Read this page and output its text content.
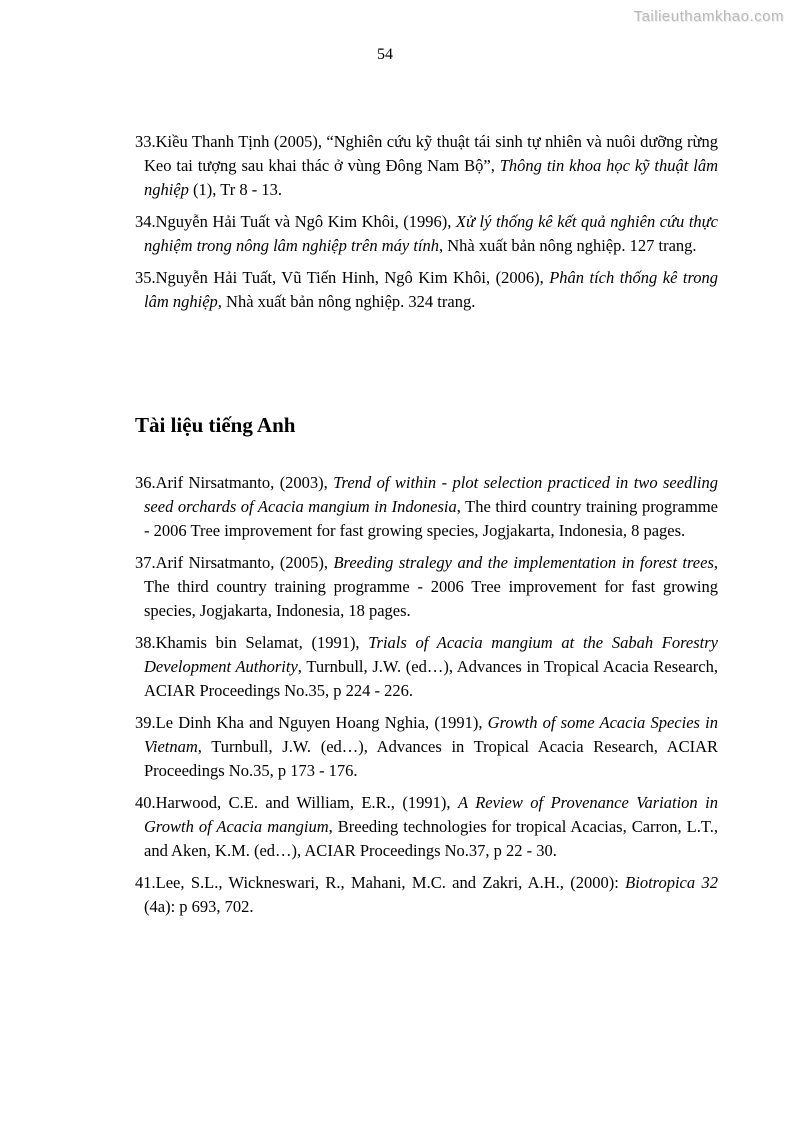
Tailieuthamkhao.com
54
33.Kiều Thanh Tịnh (2005), “Nghiên cứu kỹ thuật tái sinh tự nhiên và nuôi dưỡng rừng Keo tai tượng sau khai thác ở vùng Đông Nam Bộ”, Thông tin khoa học kỹ thuật lâm nghiệp (1), Tr 8 - 13.
34.Nguyễn Hải Tuất và Ngô Kim Khôi, (1996), Xử lý thống kê kết quả nghiên cứu thực nghiệm trong nông lâm nghiệp trên máy tính, Nhà xuất bản nông nghiệp. 127 trang.
35.Nguyễn Hải Tuất, Vũ Tiến Hinh, Ngô Kim Khôi, (2006), Phân tích thống kê trong lâm nghiệp, Nhà xuất bản nông nghiệp. 324 trang.
Tài liệu tiếng Anh
36.Arif Nirsatmanto, (2003), Trend of within - plot selection practiced in two seedling seed orchards of Acacia mangium in Indonesia, The third country training programme - 2006 Tree improvement for fast growing species, Jogjakarta, Indonesia, 8 pages.
37.Arif Nirsatmanto, (2005), Breeding stralegy and the implementation in forest trees, The third country training programme - 2006 Tree improvement for fast growing species, Jogjakarta, Indonesia, 18 pages.
38.Khamis bin Selamat, (1991), Trials of Acacia mangium at the Sabah Forestry Development Authority, Turnbull, J.W. (ed…), Advances in Tropical Acacia Research, ACIAR Proceedings No.35, p 224 - 226.
39.Le Dinh Kha and Nguyen Hoang Nghia, (1991), Growth of some Acacia Species in Vietnam, Turnbull, J.W. (ed…), Advances in Tropical Acacia Research, ACIAR Proceedings No.35, p 173 - 176.
40.Harwood, C.E. and William, E.R., (1991), A Review of Provenance Variation in Growth of Acacia mangium, Breeding technologies for tropical Acacias, Carron, L.T., and Aken, K.M. (ed…), ACIAR Proceedings No.37, p 22 - 30.
41.Lee, S.L., Wickneswari, R., Mahani, M.C. and Zakri, A.H., (2000): Biotropica 32 (4a): p 693, 702.
